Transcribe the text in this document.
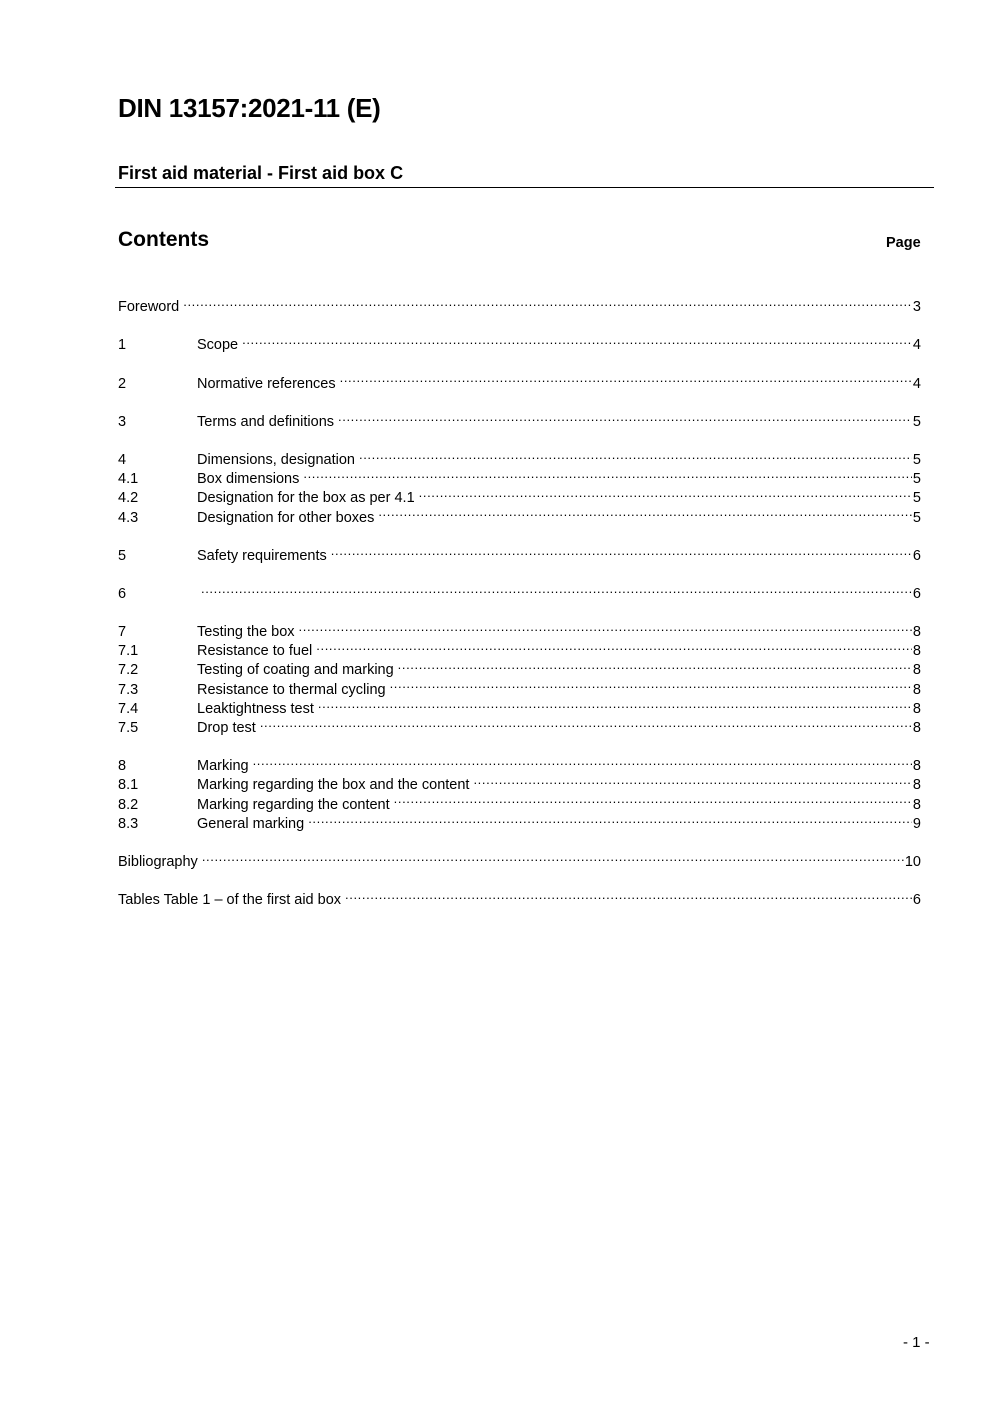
DIN 13157:2021-11 (E)
First aid material - First aid box C
Contents	Page
Foreword .....	3
1	Scope .....	4
2	Normative references .....	4
3	Terms and definitions .....	5
4	Dimensions, designation .....	5
4.1	Box dimensions .....	5
4.2	Designation for the box as per 4.1 .....	5
4.3	Designation for other boxes .....	5
5	Safety requirements .....	6
6 .....	6
7	Testing the box .....	8
7.1	Resistance to fuel .....	8
7.2	Testing of coating and marking .....	8
7.3	Resistance to thermal cycling .....	8
7.4	Leaktightness test .....	8
7.5	Drop test .....	8
8	Marking .....	8
8.1	Marking regarding the box and the content .....	8
8.2	Marking regarding the content .....	8
8.3	General marking .....	9
Bibliography .....	10
Tables Table 1 – of the first aid box .....	6
- 1 -
